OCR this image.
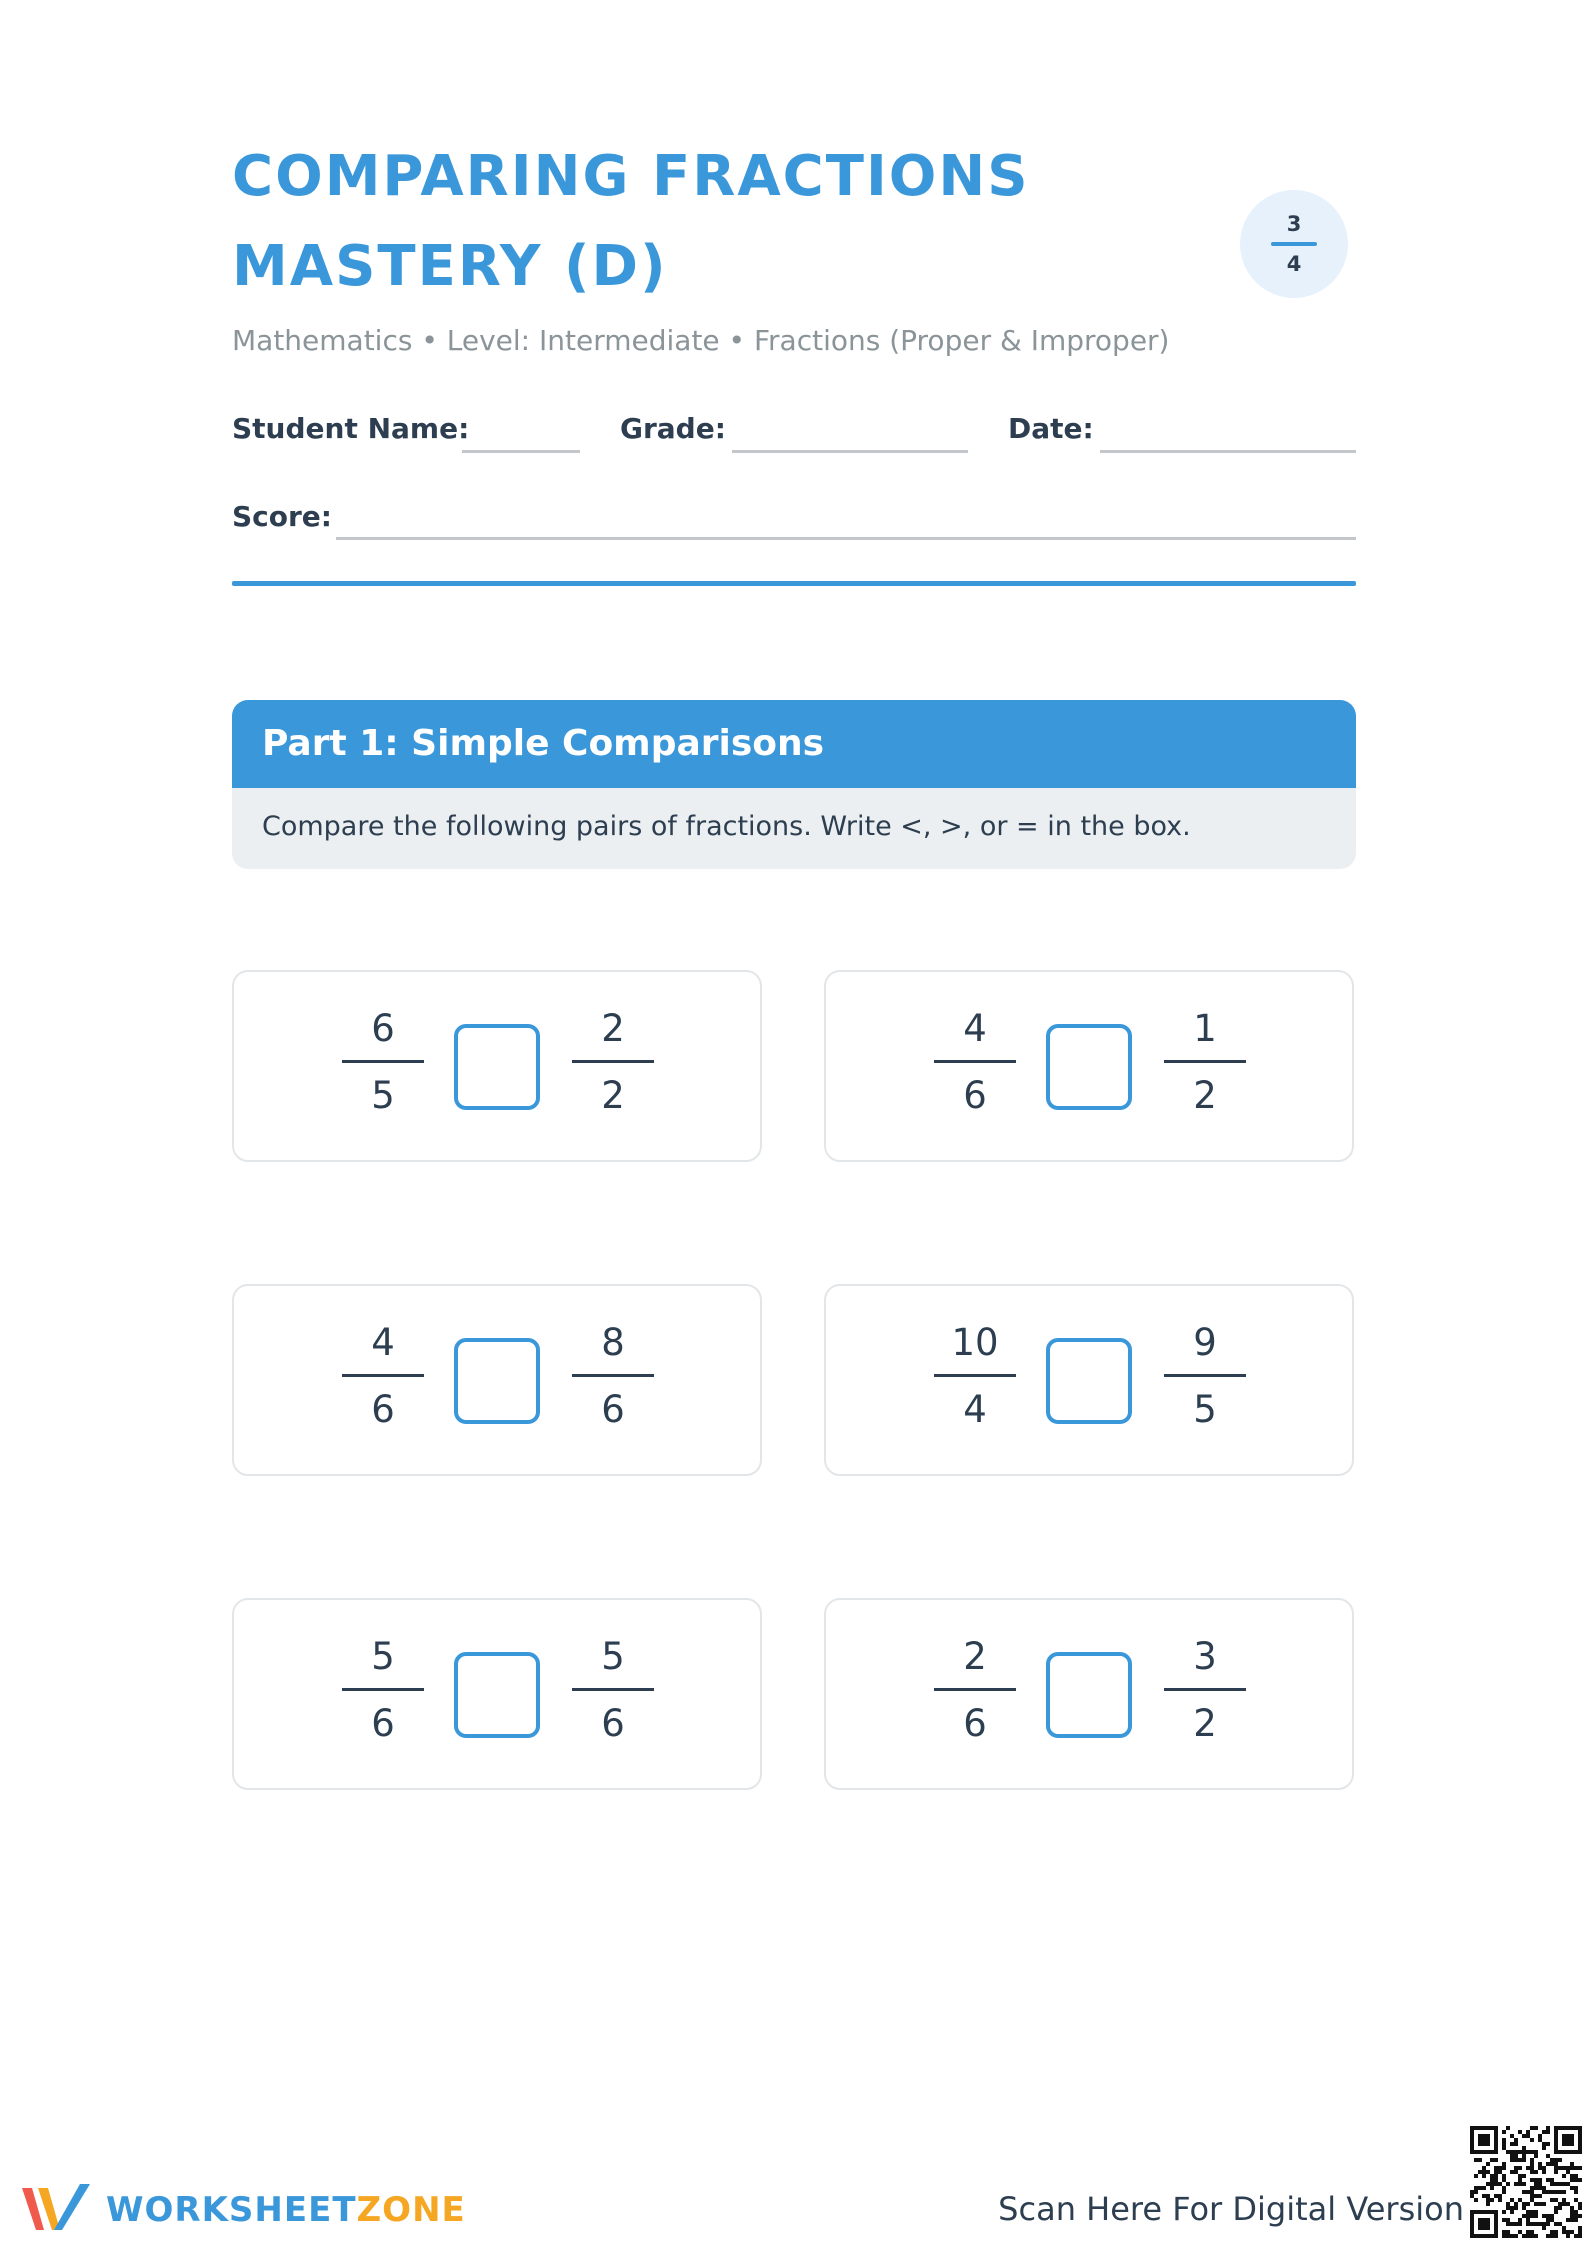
COMPARING FRACTIONS
MASTERY (D)
3
4
Mathematics • Level: Intermediate • Fractions (Proper & Improper)
Student Name:	Grade:	Date:
Score:
Part 1: Simple Comparisons
Compare the following pairs of fractions. Write <, >, or = in the box.
6
5
2
2
4
6
1
2
4
6
8
6
10
4
9
5
5
6
5
6
2
6
3
2
WORKSHEETZONE	Scan Here For Digital Version
